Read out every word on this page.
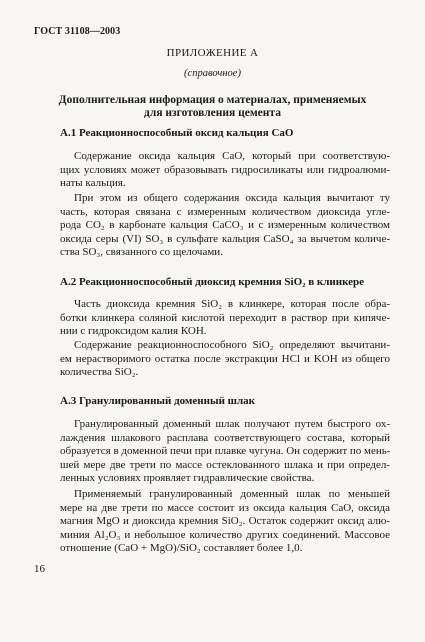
ГОСТ 31108—2003
ПРИЛОЖЕНИЕ А
(справочное)
Дополнительная информация о материалах, применяемых
для изготовления цемента
А.1 Реакционноспособный оксид кальция СаО
Содержание оксида кальция СаО, который при соответствую-
щих условиях может образовывать гидросиликаты или гидроалюми-
наты кальция.
При этом из общего содержания оксида кальция вычитают ту
часть, которая связана с измеренным количеством диоксида угле-
рода CO₂ в карбонате кальция СаСО₃ и с измеренным количеством
оксида серы (VI) SO₃ в сульфате кальция CaSO₄ за вычетом количе-
ства SO₃, связанного со щелочами.
А.2 Реакционноспособный диоксид кремния SiO₂ в клинкере
Часть диоксида кремния SiO₂ в клинкере, которая после обра-
ботки клинкера соляной кислотой переходит в раствор при кипяче-
нии с гидроксидом калия КОН.
Содержание реакционноспособного SiO₂ определяют вычитани-
ем нерастворимого остатка после экстракции HCl и KOH из общего
количества SiO₂.
А.3 Гранулированный доменный шлак
Гранулированный доменный шлак получают путем быстрого ох-
лаждения шлакового расплава соответствующего состава, который
образуется в доменной печи при плавке чугуна. Он содержит по мень-
шей мере две трети по массе остеклованного шлака и при определ-
ленных условиях проявляет гидравлические свойства.
Применяемый гранулированный доменный шлак по меньшей
мере на две трети по массе состоит из оксида кальция СаО, оксида
магния MgO и диоксида кремния SiO₂. Остаток содержит оксид алю-
миния Al₂O₃ и небольшое количество других соединений. Массовое
отношение (СаО + MgO)/SiO₂ составляет более 1,0.
16
